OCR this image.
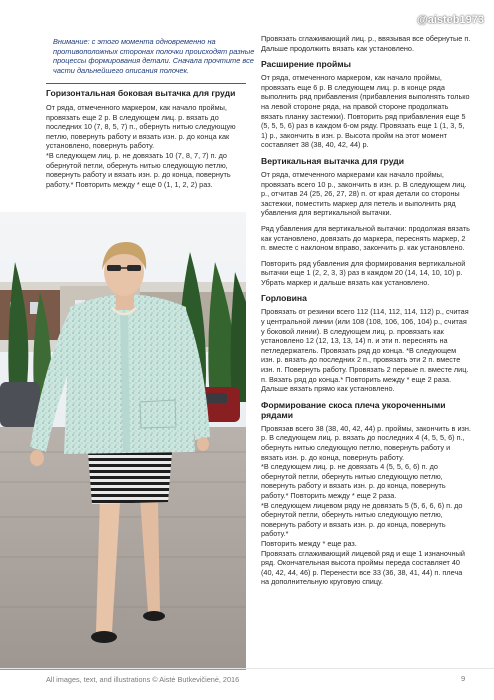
@aisteb1973

Внимание: с этого момента одновременно на противоположных сторонах полочки происходят разные процессы формирования детали. Сначала прочтите все части дальнейшего описания полочек.

Горизонтальная боковая вытачка для груди

От ряда, отмеченного маркером, как начало проймы, провязать еще 2 р. В следующем лиц. р. вязать до последних 10 (7, 8, 5, 7) п., обернуть нитью следующую петлю, повернуть работу и вязать изн. р. до конца как установлено, повернуть работу.

*В следующем лиц. р. не довязать 10 (7, 8, 7, 7) п. до обернутой петли, обернуть нитью следующую петлю, повернуть работу и вязать изн. р. до конца, повернуть работу.* Повторить между * еще 0 (1, 1, 2, 2) раз.

Провязать сглаживающий лиц. р., ввязывая все обернутые п. Дальше продолжить вязать как установлено.

Расширение проймы

От ряда, отмеченного маркером, как начало проймы, провязать еще 6 р. В следующем лиц. р. в конце ряда выполнить ряд прибавления (прибавления выполнять только на левой стороне ряда, на правой стороне продолжать вязать планку застежки). Повторить ряд прибавления еще 5 (5, 5, 5, 6) раз в каждом 6-ом ряду. Провязать еще 1 (1, 3, 5, 1) р., закончить в изн. р. Высота пройм на этот момент составляет 38 (38, 40, 42, 44) р.

Вертикальная вытачка для груди

От ряда, отмеченного маркерами как начало проймы, провязать всего 10 р., закончить в изн. р. В следующем лиц. р., отчитав 24 (25, 26, 27, 28) п. от края детали со стороны застежки, поместить маркер для петель и выполнить ряд убавления для вертикальной вытачки.

Ряд убавления для вертикальной вытачки: продолжая вязать как установлено, довязать до маркера, переснять маркер, 2 п. вместе с наклоном вправо, закончить р. как установлено.

Повторить ряд убавления для формирования вертикальной вытачки еще 1 (2, 2, 3, 3) раз в каждом 20 (14, 14, 10, 10) р. Убрать маркер и дальше вязать как установлено.

Горловина

Провязать от резинки всего 112 (114, 112, 114, 112) р., считая у центральной линии (или 108 (108, 106, 106, 104) р., считая у боковой линии). В следующем лиц. р. провязать как установлено 12 (12, 13, 13, 14) п. и эти п. переснять на петледержатель. Провязать ряд до конца. *В следующем изн. р. вязать до последних 2 п., провязать эти 2 п. вместе изн. п. Повернуть работу. Провязать 2 первые п. вместе лиц. п. Вязать ряд до конца.* Повторить между * еще 2 раза. Дальше вязать прямо как установлено.

Формирование скоса плеча укороченными рядами

Провязав всего 38 (38, 40, 42, 44) р. проймы, закончить в изн. р. В следующем лиц. р. вязать до последних 4 (4, 5, 5, 6) п., обернуть нитью следующую петлю, повернуть работу и вязать изн. р. до конца, повернуть работу.

*В следующем лиц. р. не довязать 4 (5, 5, 6, 6) п. до обернутой петли, обернуть нитью следующую петлю, повернуть работу и вязать изн. р. до конца, повернуть работу.* Повторить между * еще 2 раза.

*В следующем лицевом ряду не довязать 5 (5, 6, 6, 6) п. до обернутой петли, обернуть нитью следующую петлю, повернуть работу и вязать изн. р. до конца, повернуть работу.*

Повторить между * еще раз.

Провязать сглаживающий лицевой ряд и еще 1 изнаночный ряд. Окончательная высота проймы переда составляет 40 (40, 42, 44, 46) р. Перенести все 33 (36, 38, 41, 44) п. плеча на дополнительную круговую спицу.

All images, text, and illustrations © Aistė Butkevičienė, 2016	9
